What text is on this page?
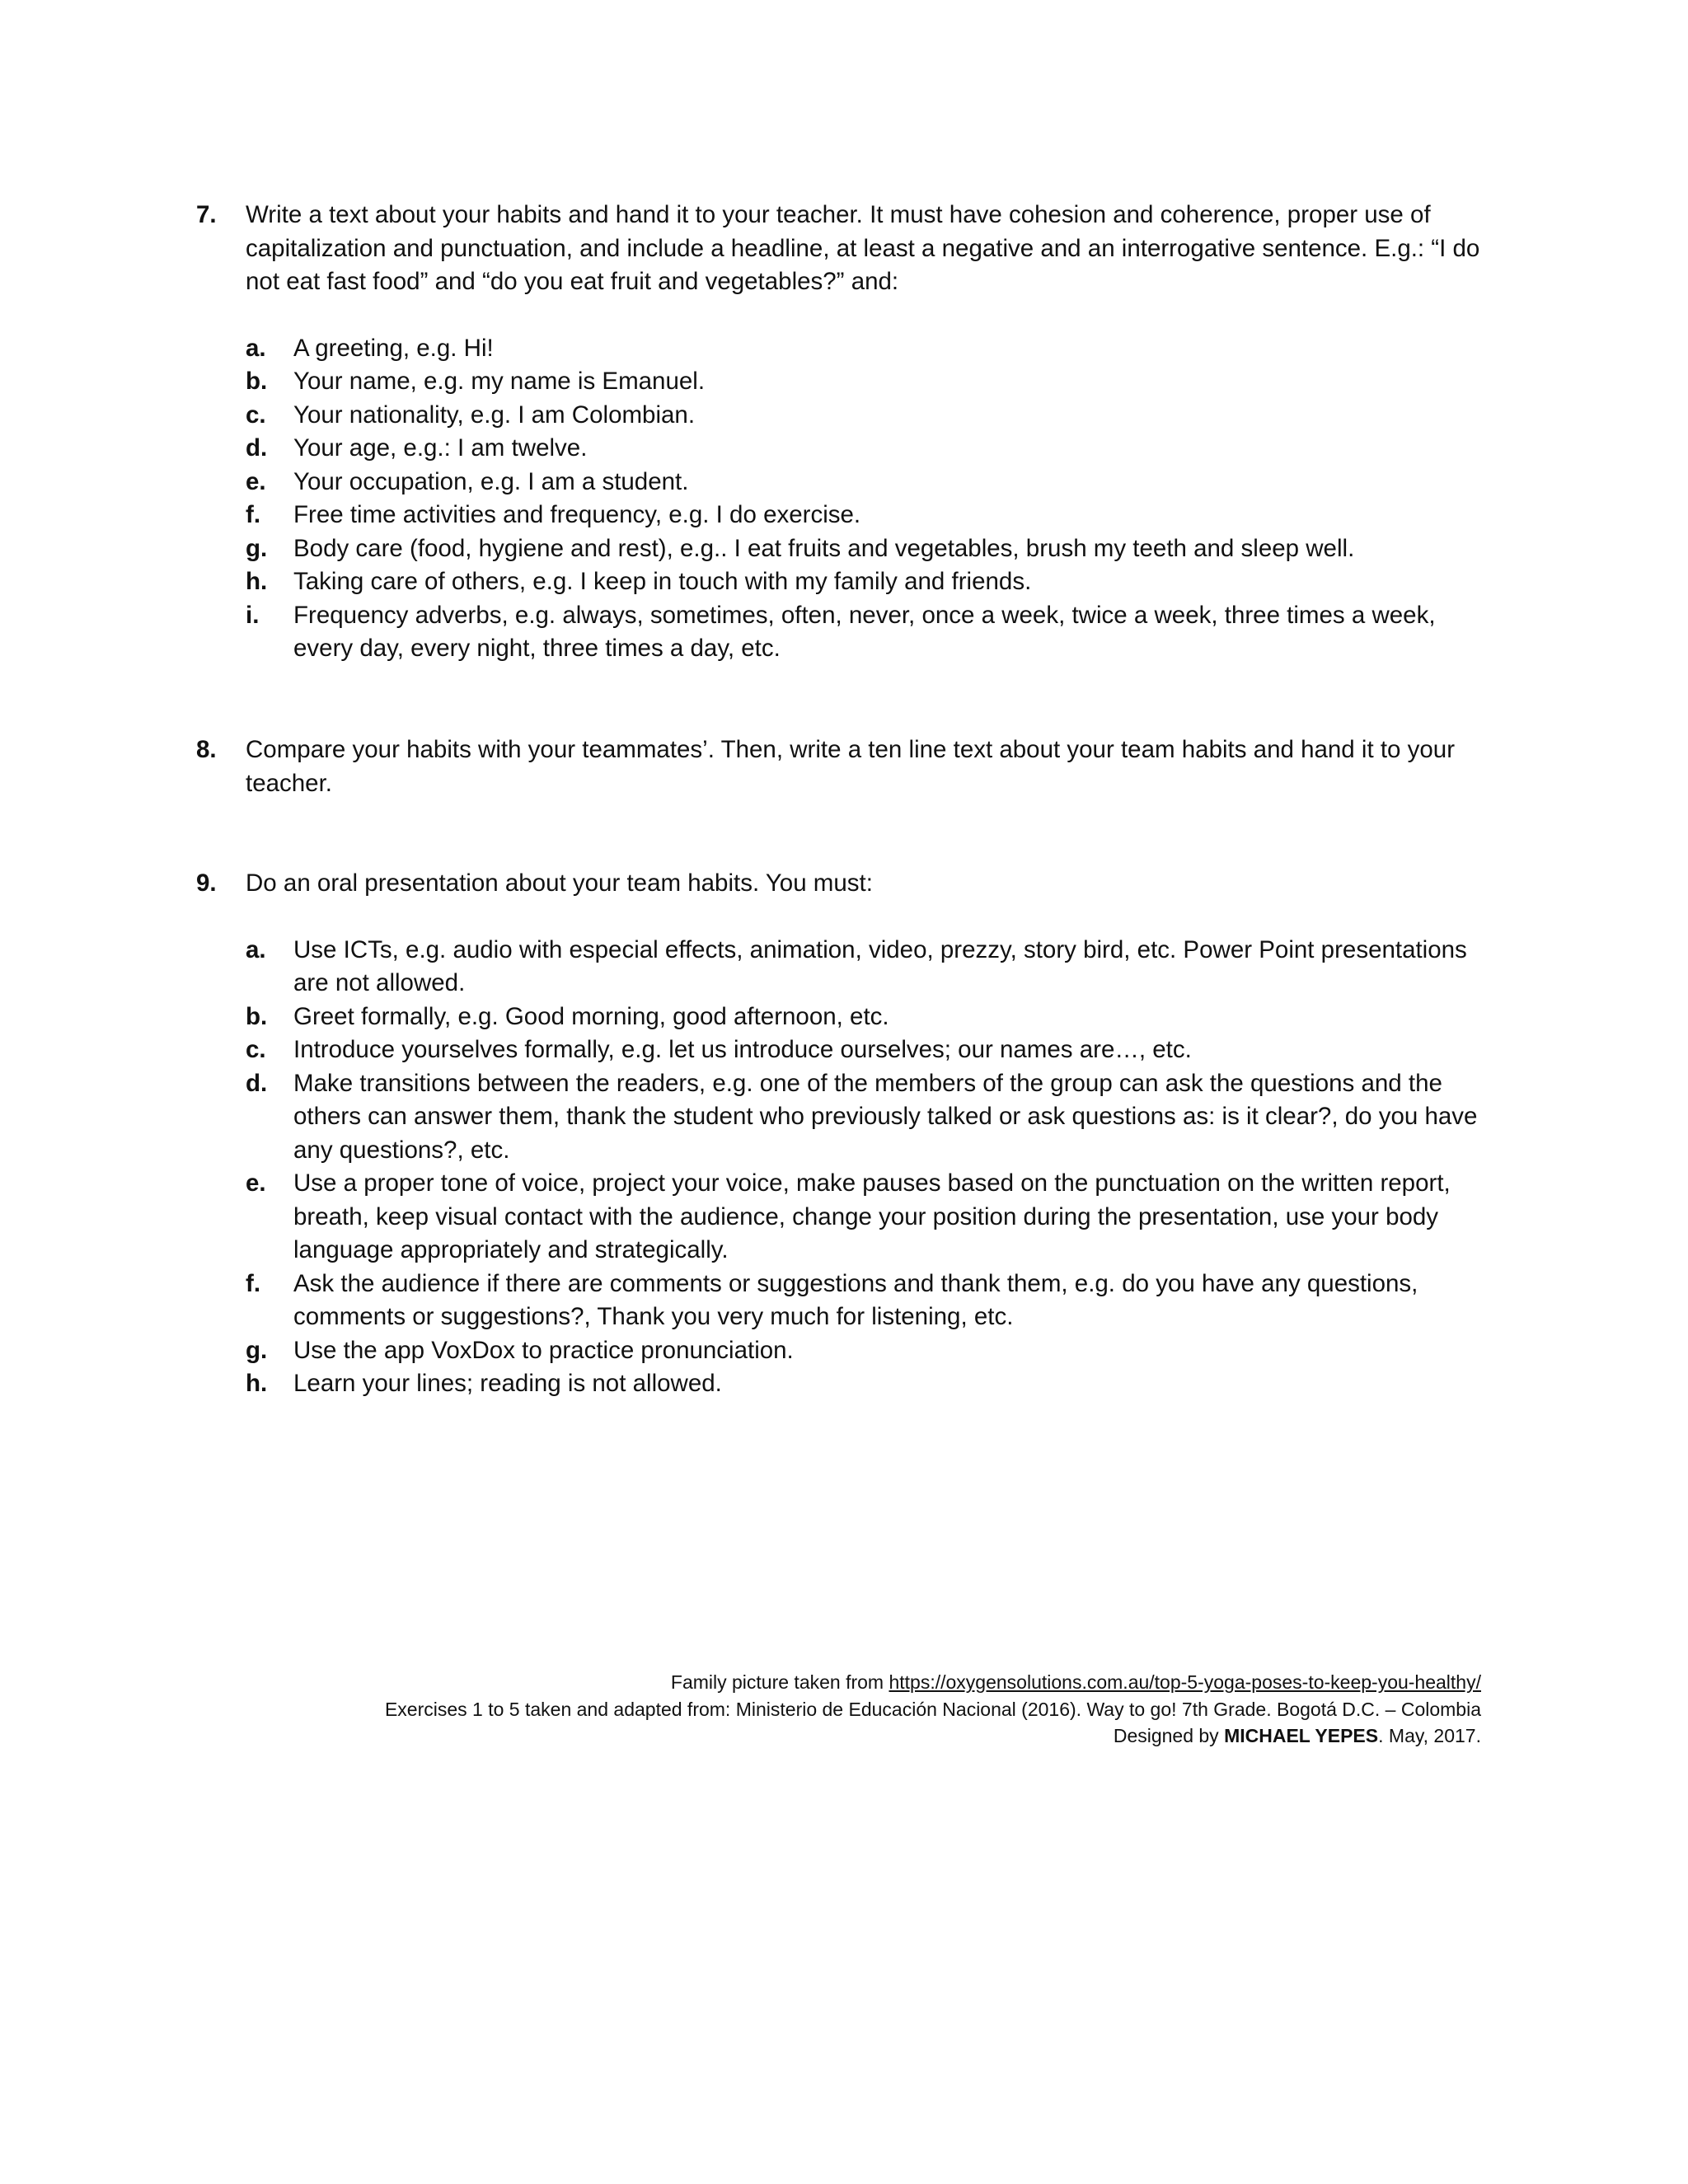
7.	Write a text about your habits and hand it to your teacher. It must have cohesion and coherence, proper use of capitalization and punctuation, and include a headline, at least a negative and an interrogative sentence. E.g.: “I do not eat fast food” and “do you eat fruit and vegetables?” and:
a.	A greeting, e.g. Hi!
b.	Your name, e.g. my name is Emanuel.
c.	Your nationality, e.g. I am Colombian.
d.	Your age, e.g.: I am twelve.
e.	Your occupation, e.g. I am a student.
f.	Free time activities and frequency, e.g. I do exercise.
g.	Body care (food, hygiene and rest), e.g.. I eat fruits and vegetables, brush my teeth and sleep well.
h.	Taking care of others, e.g. I keep in touch with my family and friends.
i.	Frequency adverbs, e.g. always, sometimes, often, never, once a week, twice a week, three times a week, every day, every night, three times a day, etc.
8.	Compare your habits with your teammates’. Then, write a ten line text about your team habits and hand it to your teacher.
9.	Do an oral presentation about your team habits. You must:
a.	Use ICTs, e.g. audio with especial effects, animation, video, prezzy, story bird, etc. Power Point presentations are not allowed.
b.	Greet formally, e.g. Good morning, good afternoon, etc.
c.	Introduce yourselves formally, e.g. let us introduce ourselves; our names are…, etc.
d.	Make transitions between the readers, e.g. one of the members of the group can ask the questions and the others can answer them, thank the student who previously talked or ask questions as: is it clear?, do you have any questions?, etc.
e.	Use a proper tone of voice, project your voice, make pauses based on the punctuation on the written report, breath, keep visual contact with the audience, change your position during the presentation, use your body language appropriately and strategically.
f.	Ask the audience if there are comments or suggestions and thank them, e.g. do you have any questions, comments or suggestions?, Thank you very much for listening, etc.
g.	Use the app VoxDox to practice pronunciation.
h.	Learn your lines; reading is not allowed.
Family picture taken from https://oxygensolutions.com.au/top-5-yoga-poses-to-keep-you-healthy/
Exercises 1 to 5 taken and adapted from: Ministerio de Educación Nacional (2016). Way to go! 7th Grade. Bogotá D.C. – Colombia
Designed by MICHAEL YEPES. May, 2017.
